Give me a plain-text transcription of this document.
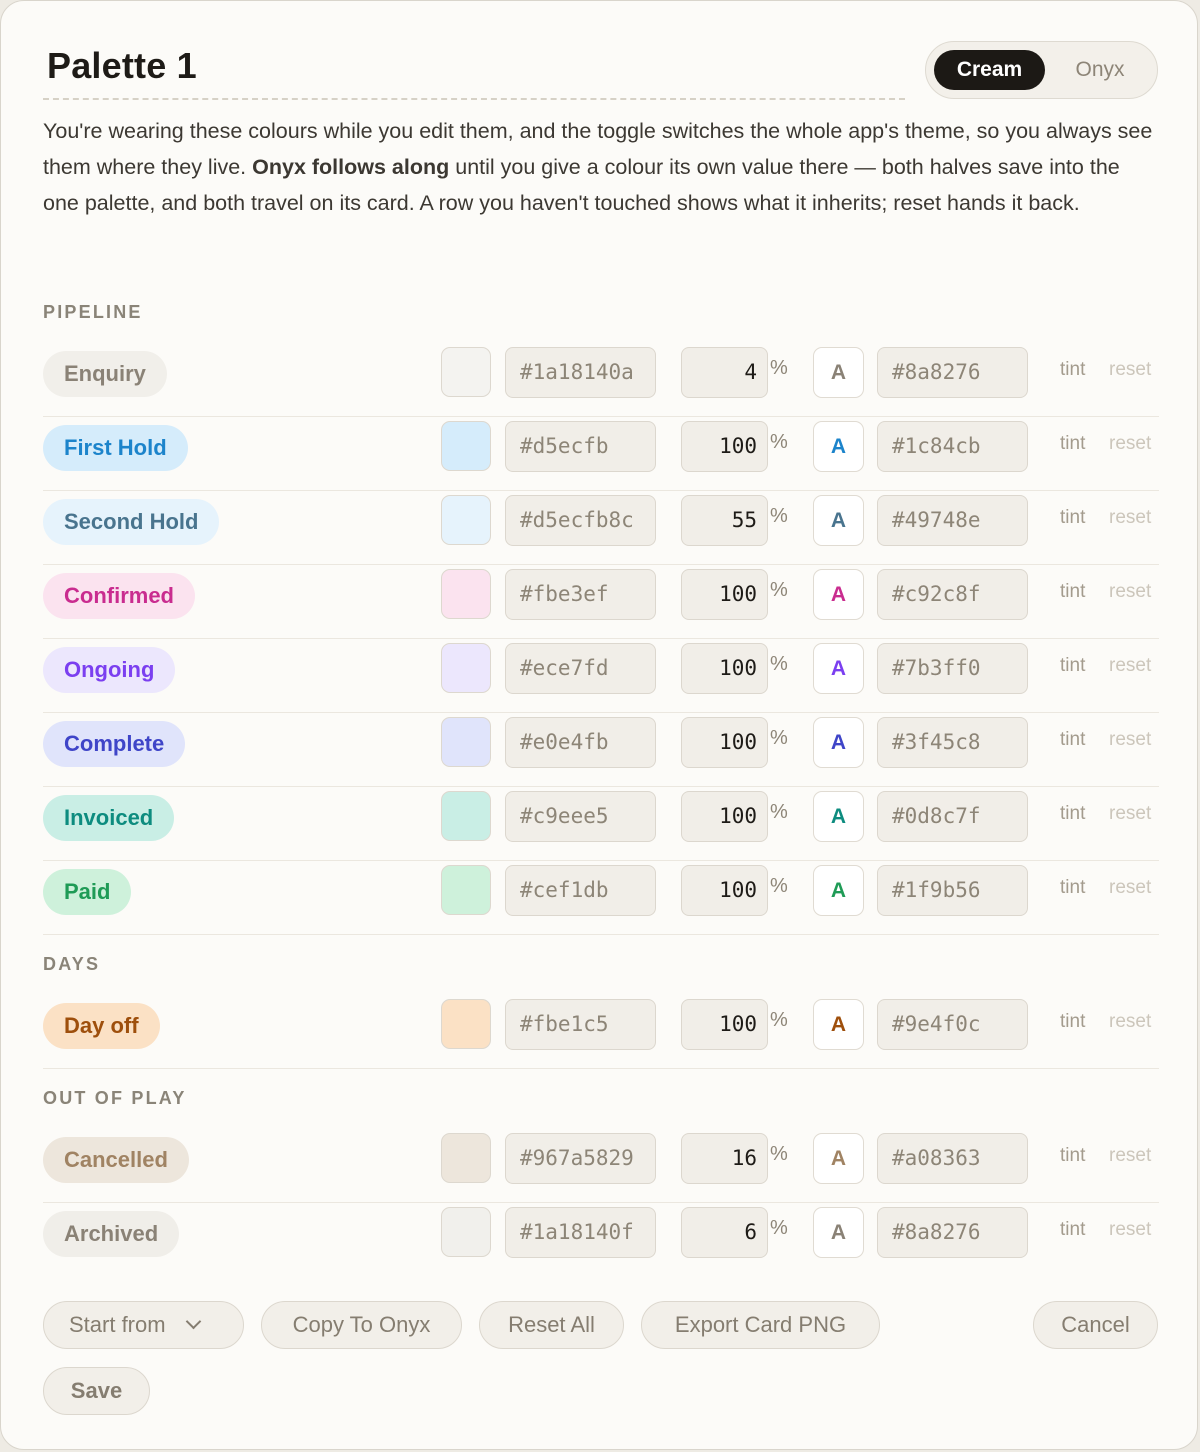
Palette 1	Cream	Onyx
You're wearing these colours while you edit them, and the toggle switches the whole app's theme, so you always see them where they live. Onyx follows along until you give a colour its own value there — both halves save into the one palette, and both travel on its card. A row you haven't touched shows what it inherits; reset hands it back.
PIPELINE
Enquiry	#1a18140a	4 %	A	#8a8276	tint reset
First Hold	#d5ecfb	100 %	A	#1c84cb	tint reset
Second Hold	#d5ecfb8c	55 %	A	#49748e	tint reset
Confirmed	#fbe3ef	100 %	A	#c92c8f	tint reset
Ongoing	#ece7fd	100 %	A	#7b3ff0	tint reset
Complete	#e0e4fb	100 %	A	#3f45c8	tint reset
Invoiced	#c9eee5	100 %	A	#0d8c7f	tint reset
Paid	#cef1db	100 %	A	#1f9b56	tint reset
DAYS
Day off	#fbe1c5	100 %	A	#9e4f0c	tint reset
OUT OF PLAY
Cancelled	#967a5829	16 %	A	#a08363	tint reset
Archived	#1a18140f	6 %	A	#8a8276	tint reset
Start from	Copy To Onyx	Reset All	Export Card PNG	Cancel
Save
